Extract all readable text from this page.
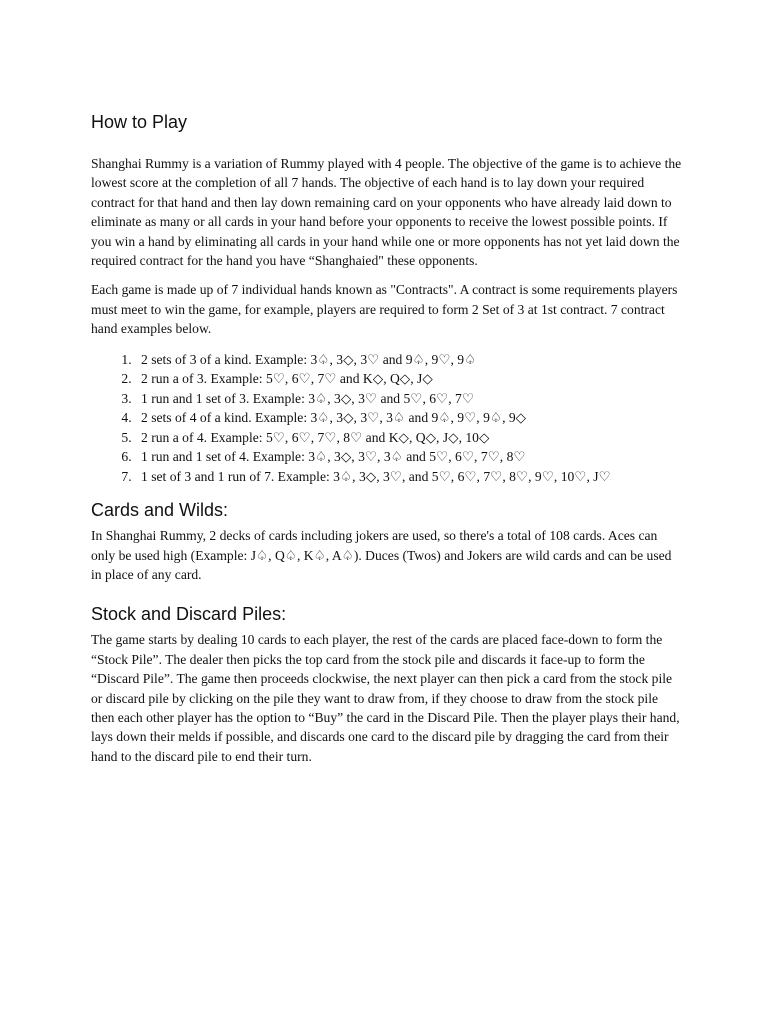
How to Play

Shanghai Rummy is a variation of Rummy played with 4 people. The objective of the game is to achieve the lowest score at the completion of all 7 hands. The objective of each hand is to lay down your required contract for that hand and then lay down remaining card on your opponents who have already laid down to eliminate as many or all cards in your hand before your opponents to receive the lowest possible points. If you win a hand by eliminating all cards in your hand while one or more opponents has not yet laid down the required contract for the hand you have “Shanghaied" these opponents.

Each game is made up of 7 individual hands known as "Contracts". A contract is some requirements players must meet to win the game, for example, players are required to form 2 Set of 3 at 1st contract. 7 contract hand examples below.

1. 2 sets of 3 of a kind. Example: 3♤, 3◇, 3♡ and 9♤, 9♡, 9♤
2. 2 run a of 3. Example: 5♡, 6♡, 7♡ and K◇, Q◇, J◇
3. 1 run and 1 set of 3. Example: 3♤, 3◇, 3♡ and 5♡, 6♡, 7♡
4. 2 sets of 4 of a kind. Example: 3♤, 3◇, 3♡, 3♤ and 9♤, 9♡, 9♤, 9◇
5. 2 run a of 4. Example: 5♡, 6♡, 7♡, 8♡ and K◇, Q◇, J◇, 10◇
6. 1 run and 1 set of 4. Example: 3♤, 3◇, 3♡, 3♤ and 5♡, 6♡, 7♡, 8♡
7. 1 set of 3 and 1 run of 7. Example: 3♤, 3◇, 3♡, and 5♡, 6♡, 7♡, 8♡, 9♡, 10♡, J♡
Cards and Wilds:

In Shanghai Rummy, 2 decks of cards including jokers are used, so there's a total of 108 cards. Aces can only be used high (Example: J♤, Q♤, K♤, A♤). Duces (Twos) and Jokers are wild cards and can be used in place of any card.

Stock and Discard Piles:

The game starts by dealing 10 cards to each player, the rest of the cards are placed face-down to form the “Stock Pile”. The dealer then picks the top card from the stock pile and discards it face-up to form the “Discard Pile”. The game then proceeds clockwise, the next player can then pick a card from the stock pile or discard pile by clicking on the pile they want to draw from, if they choose to draw from the stock pile then each other player has the option to “Buy” the card in the Discard Pile. Then the player plays their hand, lays down their melds if possible, and discards one card to the discard pile by dragging the card from their hand to the discard pile to end their turn.
